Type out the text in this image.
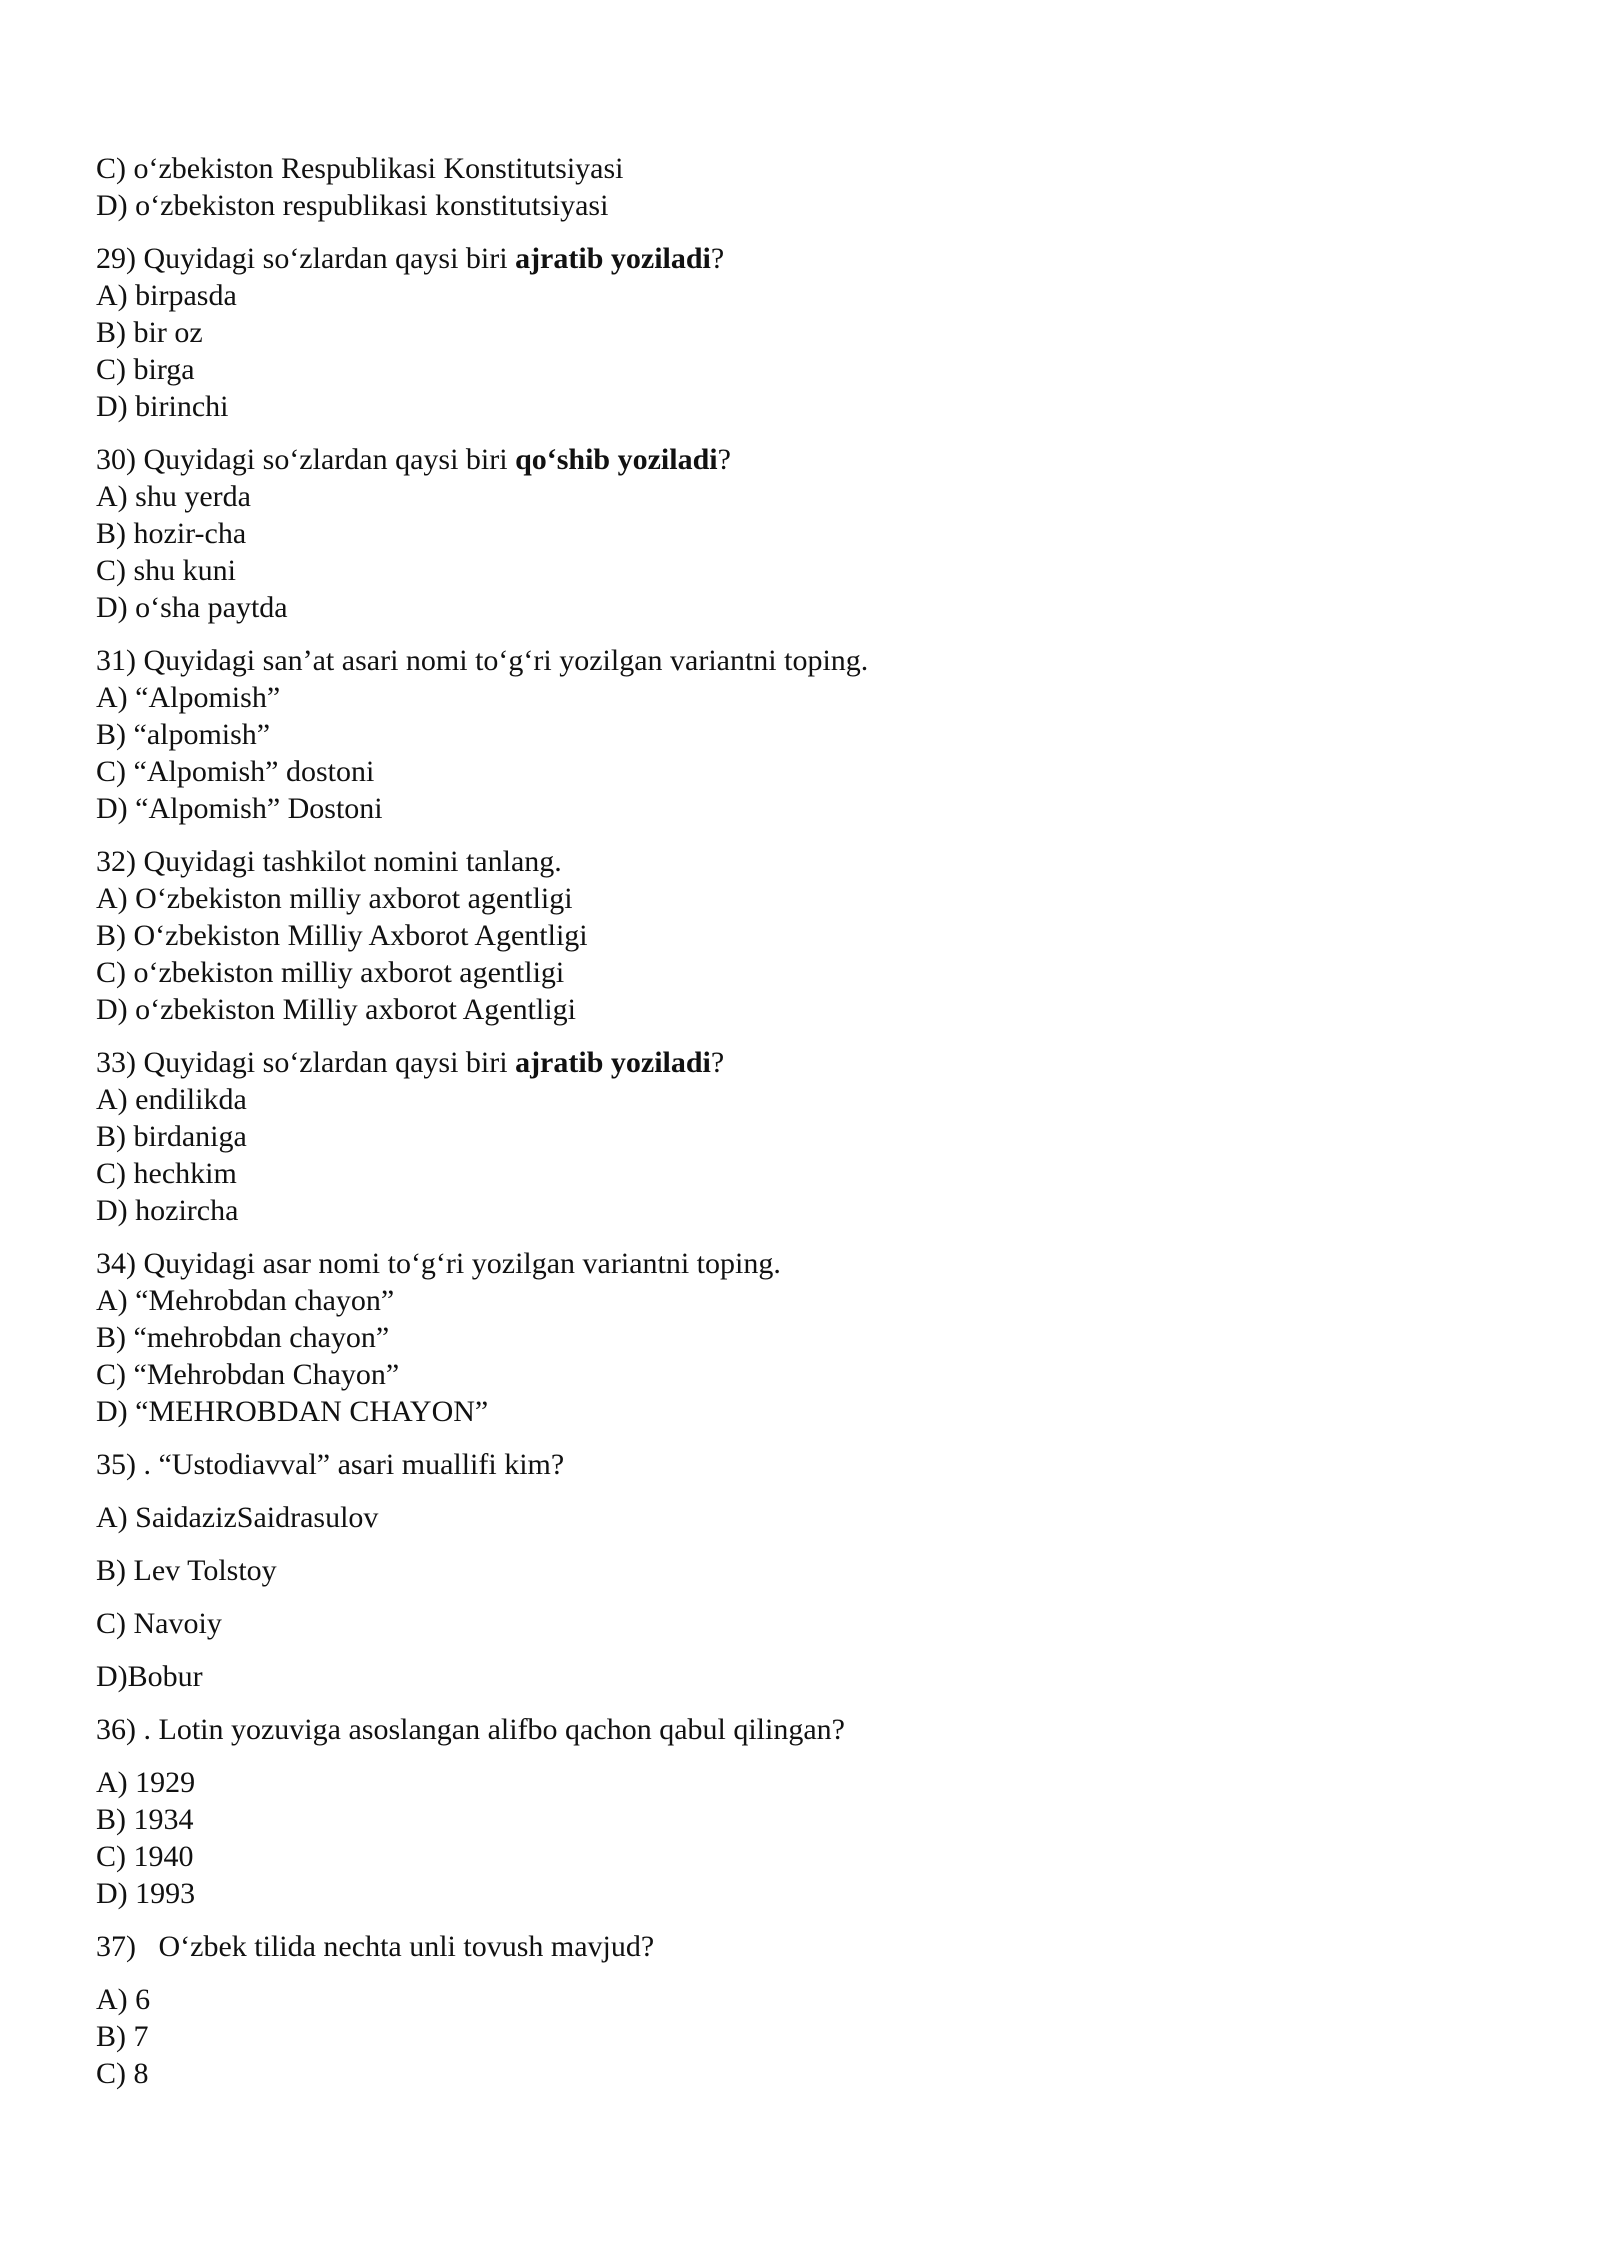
C) o‘zbekiston Respublikasi Konstitutsiyasi
D) o‘zbekiston respublikasi konstitutsiyasi
29) Quyidagi so‘zlardan qaysi biri ajratib yoziladi?
A) birpasda
B) bir oz
C) birga
D) birinchi
30) Quyidagi so‘zlardan qaysi biri qo‘shib yoziladi?
A) shu yerda
B) hozir-cha
C) shu kuni
D) o‘sha paytda
31) Quyidagi san’at asari nomi to‘g‘ri yozilgan variantni toping.
A) “Alpomish”
B) “alpomish”
C) “Alpomish” dostoni
D) “Alpomish” Dostoni
32) Quyidagi tashkilot nomini tanlang.
A) O‘zbekiston milliy axborot agentligi
B) O‘zbekiston Milliy Axborot Agentligi
C) o‘zbekiston milliy axborot agentligi
D) o‘zbekiston Milliy axborot Agentligi
33) Quyidagi so‘zlardan qaysi biri ajratib yoziladi?
A) endilikda
B) birdaniga
C) hechkim
D) hozircha
34) Quyidagi asar nomi to‘g‘ri yozilgan variantni toping.
A) “Mehrobdan chayon”
B) “mehrobdan chayon”
C) “Mehrobdan Chayon”
D) “MEHROBDAN CHAYON”
35) . “Ustodiavval” asari muallifi kim?
A) SaidazizSaidrasulov
B) Lev Tolstoy
C) Navoiy
D)Bobur
36) . Lotin yozuviga asoslangan alifbo qachon qabul qilingan?
A) 1929
B) 1934
C) 1940
D) 1993
37)   O‘zbek tilida nechta unli tovush mavjud?
A) 6
B) 7
C) 8
